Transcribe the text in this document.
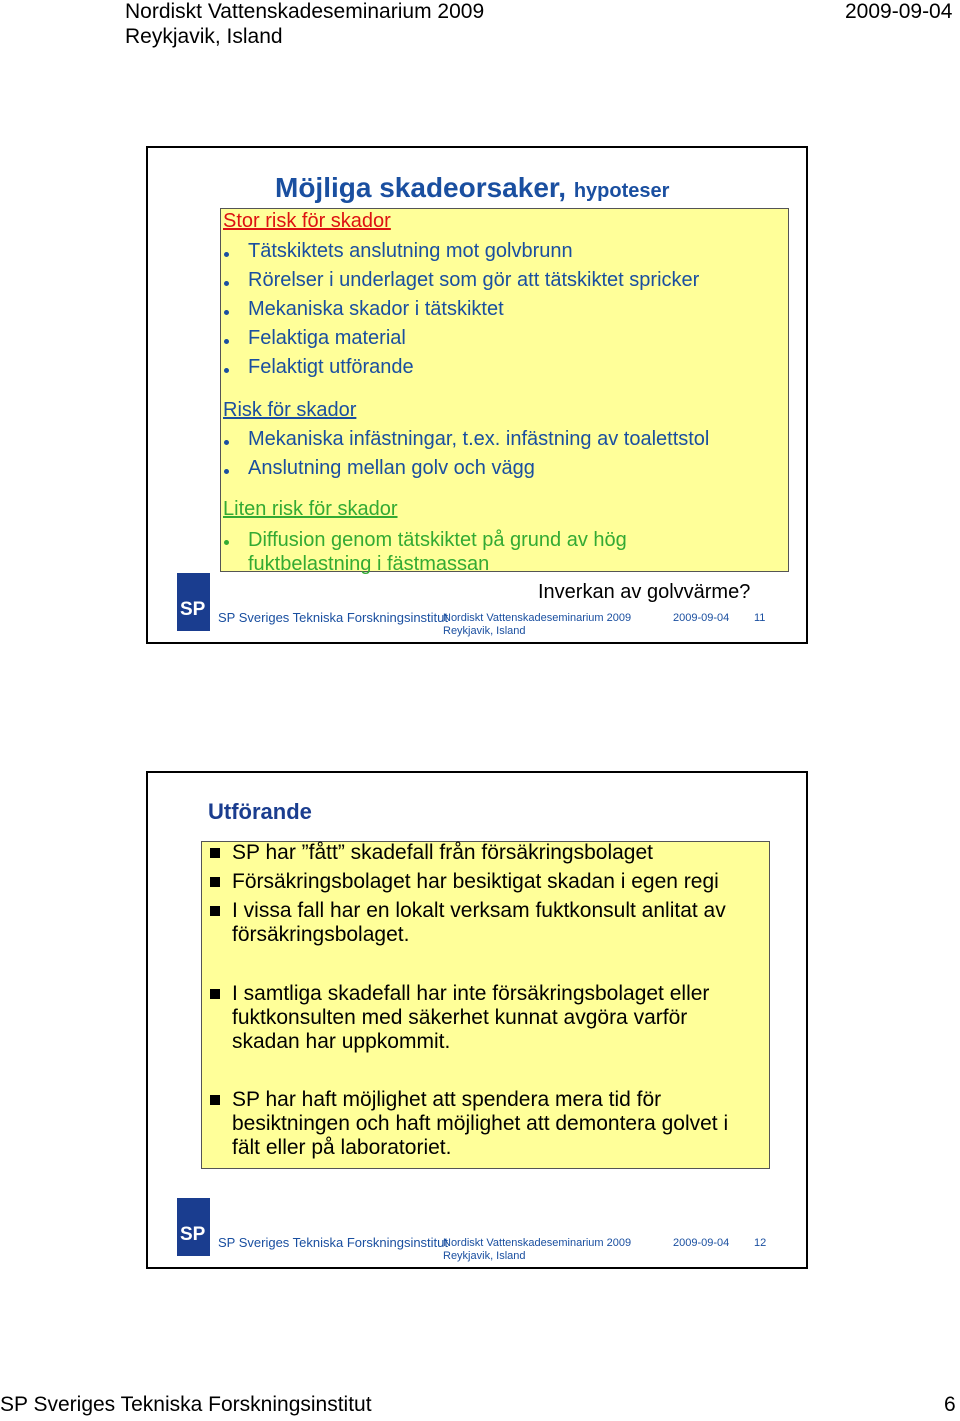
Nordiskt Vattenskadeseminarium 2009
Reykjavik, Island
2009-09-04
Möjliga skadeorsaker, hypoteser
Stor risk för skador
Tätskiktets anslutning mot golvbrunn
Rörelser i underlaget som gör att tätskiktet spricker
Mekaniska skador i tätskiktet
Felaktiga material
Felaktigt utförande
Risk för skador
Mekaniska infästningar, t.ex. infästning av toalettstol
Anslutning mellan golv och vägg
Liten risk för skador
Diffusion genom tätskiktet på grund av hög
fuktbelastning i fästmassan
Inverkan av golvvärme?
SP SP Sveriges Tekniska Forskningsinstitut
Nordiskt Vattenskadeseminarium 2009
Reykjavik, Island
2009-09-04 11
Utförande
SP har ”fått” skadefall från försäkringsbolaget
Försäkringsbolaget har besiktigat skadan i egen regi
I vissa fall har en lokalt verksam fuktkonsult anlitat av
försäkringsbolaget.
I samtliga skadefall har inte försäkringsbolaget eller
fuktkonsulten med säkerhet kunnat avgöra varför
skadan har uppkommit.
SP har haft möjlighet att spendera mera tid för
besiktningen och haft möjlighet att demontera golvet i
fält eller på laboratoriet.
SP SP Sveriges Tekniska Forskningsinstitut
Nordiskt Vattenskadeseminarium 2009
Reykjavik, Island
2009-09-04 12
SP Sveriges Tekniska Forskningsinstitut	6
